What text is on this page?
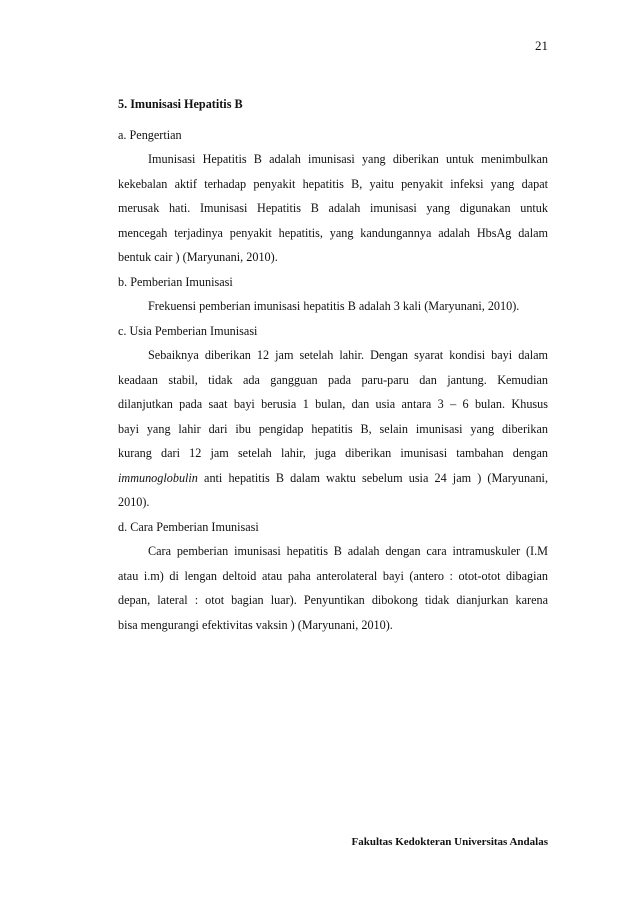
21
5. Imunisasi Hepatitis B
a. Pengertian
Imunisasi Hepatitis B adalah imunisasi yang diberikan untuk menimbulkan
kekebalan aktif terhadap penyakit hepatitis B, yaitu penyakit infeksi yang dapat
merusak hati. Imunisasi Hepatitis B adalah imunisasi yang digunakan untuk
mencegah terjadinya penyakit hepatitis, yang kandungannya adalah HbsAg dalam
bentuk cair ) (Maryunani, 2010).
b. Pemberian Imunisasi
Frekuensi pemberian imunisasi hepatitis B adalah 3 kali (Maryunani, 2010).
c. Usia Pemberian Imunisasi
Sebaiknya diberikan 12 jam setelah lahir. Dengan syarat kondisi bayi dalam
keadaan stabil, tidak ada gangguan pada paru-paru dan jantung. Kemudian
dilanjutkan pada saat bayi berusia 1 bulan, dan usia antara 3 – 6 bulan. Khusus
bayi yang lahir dari ibu pengidap hepatitis B, selain imunisasi yang diberikan
kurang dari 12 jam setelah lahir, juga diberikan imunisasi tambahan dengan
immunoglobulin anti hepatitis B dalam waktu sebelum usia 24 jam ) (Maryunani,
2010).
d. Cara Pemberian Imunisasi
Cara pemberian imunisasi hepatitis B adalah dengan cara intramuskuler (I.M
atau i.m) di lengan deltoid atau paha anterolateral bayi (antero : otot-otot dibagian
depan, lateral : otot bagian luar). Penyuntikan dibokong tidak dianjurkan karena
bisa mengurangi efektivitas vaksin ) (Maryunani, 2010).
Fakultas Kedokteran Universitas Andalas
